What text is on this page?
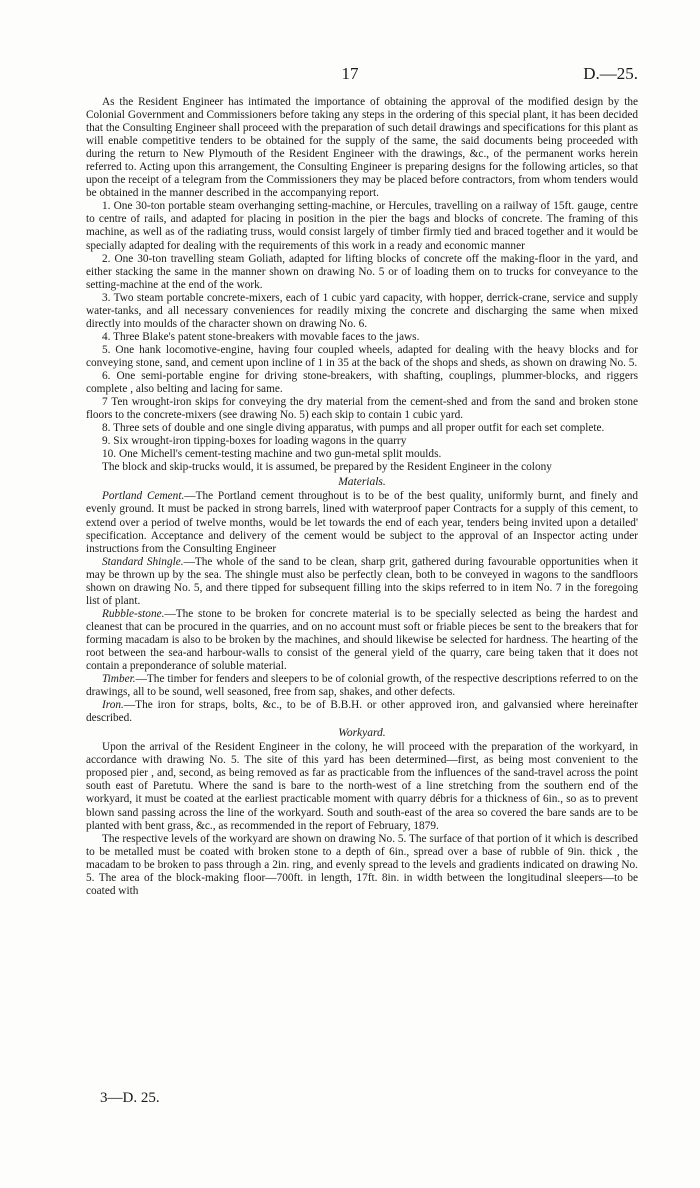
17	D.—25.

As the Resident Engineer has intimated the importance of obtaining the approval of the modified design by the Colonial Government and Commissioners before taking any steps in the ordering of this special plant, it has been decided that the Consulting Engineer shall proceed with the preparation of such detail drawings and specifications for this plant as will enable competitive tenders to be obtained for the supply of the same, the said documents being proceeded with during the return to New Plymouth of the Resident Engineer with the drawings, &c., of the permanent works herein referred to. Acting upon this arrangement, the Consulting Engineer is preparing designs for the following articles, so that upon the receipt of a telegram from the Commissioners they may be placed before contractors, from whom tenders would be obtained in the manner described in the accompanying report.

1. One 30-ton portable steam overhanging setting-machine, or Hercules, travelling on a railway of 15ft. gauge, centre to centre of rails, and adapted for placing in position in the pier the bags and blocks of concrete. The framing of this machine, as well as of the radiating truss, would consist largely of timber firmly tied and braced together and it would be specially adapted for dealing with the requirements of this work in a ready and economic manner

2. One 30-ton travelling steam Goliath, adapted for lifting blocks of concrete off the making-floor in the yard, and either stacking the same in the manner shown on drawing No. 5 or of loading them on to trucks for conveyance to the setting-machine at the end of the work.

3. Two steam portable concrete-mixers, each of 1 cubic yard capacity, with hopper, derrick-crane, service and supply water-tanks, and all necessary conveniences for readily mixing the concrete and discharging the same when mixed directly into moulds of the character shown on drawing No. 6.

4. Three Blake's patent stone-breakers with movable faces to the jaws.

5. One hank locomotive-engine, having four coupled wheels, adapted for dealing with the heavy blocks and for conveying stone, sand, and cement upon incline of 1 in 35 at the back of the shops and sheds, as shown on drawing No. 5.

6. One semi-portable engine for driving stone-breakers, with shafting, couplings, plummer-blocks, and riggers complete , also belting and lacing for same.

7 Ten wrought-iron skips for conveying the dry material from the cement-shed and from the sand and broken stone floors to the concrete-mixers (see drawing No. 5) each skip to contain 1 cubic yard.

8. Three sets of double and one single diving apparatus, with pumps and all proper outfit for each set complete.

9. Six wrought-iron tipping-boxes for loading wagons in the quarry

10. One Michell's cement-testing machine and two gun-metal split moulds.

The block and skip-trucks would, it is assumed, be prepared by the Resident Engineer in the colony

Materials.

Portland Cement.—The Portland cement throughout is to be of the best quality, uniformly burnt, and finely and evenly ground. It must be packed in strong barrels, lined with waterproof paper Contracts for a supply of this cement, to extend over a period of twelve months, would be let towards the end of each year, tenders being invited upon a detailed' specification. Acceptance and delivery of the cement would be subject to the approval of an Inspector acting under instructions from the Consulting Engineer

Standard Shingle.—The whole of the sand to be clean, sharp grit, gathered during favourable opportunities when it may be thrown up by the sea. The shingle must also be perfectly clean, both to be conveyed in wagons to the sandfloors shown on drawing No. 5, and there tipped for subsequent filling into the skips referred to in item No. 7 in the foregoing list of plant.

Rubble-stone.—The stone to be broken for concrete material is to be specially selected as being the hardest and cleanest that can be procured in the quarries, and on no account must soft or friable pieces be sent to the breakers that for forming macadam is also to be broken by the machines, and should likewise be selected for hardness. The hearting of the root between the sea-and harbour-walls to consist of the general yield of the quarry, care being taken that it does not contain a preponderance of soluble material.

Timber.—The timber for fenders and sleepers to be of colonial growth, of the respective descriptions referred to on the drawings, all to be sound, well seasoned, free from sap, shakes, and other defects.

Iron.—The iron for straps, bolts, &c., to be of B.B.H. or other approved iron, and galvansied where hereinafter described.

Workyard.

Upon the arrival of the Resident Engineer in the colony, he will proceed with the preparation of the workyard, in accordance with drawing No. 5. The site of this yard has been determined—first, as being most convenient to the proposed pier , and, second, as being removed as far as practicable from the influences of the sand-travel across the point south east of Paretutu. Where the sand is bare to the north-west of a line stretching from the southern end of the workyard, it must be coated at the earliest practicable moment with quarry débris for a thickness of 6in., so as to prevent blown sand passing across the line of the workyard. South and south-east of the area so covered the bare sands are to be planted with bent grass, &c., as recommended in the report of February, 1879.

The respective levels of the workyard are shown on drawing No. 5. The surface of that portion of it which is described to be metalled must be coated with broken stone to a depth of 6in., spread over a base of rubble of 9in. thick , the macadam to be broken to pass through a 2in. ring, and evenly spread to the levels and gradients indicated on drawing No. 5. The area of the block-making floor—700ft. in length, 17ft. 8in. in width between the longitudinal sleepers—to be coated with

3—D. 25.
